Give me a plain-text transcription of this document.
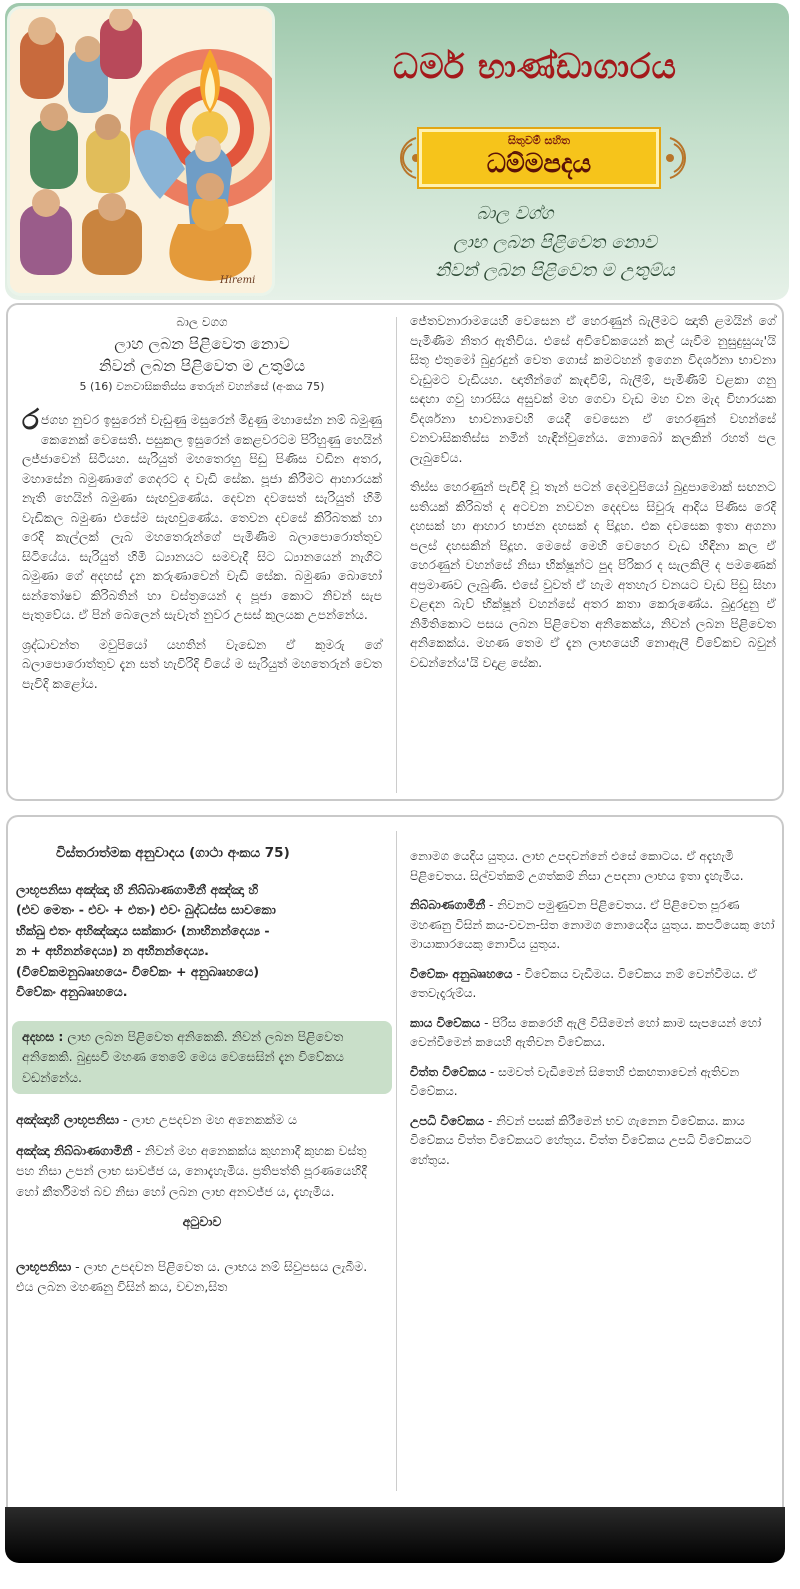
Hiremi
ධර්ම භාණ්ඩාගාරය
සිතුවම් සහිත
ධම්මපදය
බාල වග්ග
ලාභ ලබන පිළිවෙත නොව
නිවන් ලබන පිළිවෙත ම උතුම්ය
බාල වගග
ලාහ ලබන පිළිවෙත නොව
නිවන් ලබන පිළිවෙත ම උතුම්ය
5 (16) වනවාසිකතිස්ස තෙරුන් වහන්සේ (අංකය 75)
රජගහ නුවර ඉසුරෙන් වැඩුණු මසුරෙන් මිදුණු මහාසේන නම් බමුණු කෙනෙක් වෙසෙති. පසුකල ඉසුරෙන් කෙළවරටම පිරිහුණු හෙයින් ලජ්ජාවෙන් සිටියහ. සැරියුත් මහතෙරහු පිඩු පිණිස වඩින අතර, මහාසේන බමුණාගේ ගෙදරට ද වැඩි සේක. පූජා කිරීමට ආහාරයක් නැති හෙයින් බමුණා සැඟවුණේය. දෙවන දවසෙත් සැරියුත් හිමි වැඩිකල බමුණා එසේම සැඟවුණේය. තෙවන දවසේ කිරිබතක් හා රෙදි කැල්ලක් ලැබ මහතෙරුන්ගේ පැමිණීම බලාපොරොත්තුව සිටියේය. සැරියුත් හිමි ධ්‍යානයට සමවැදී සිට ධ්‍යානයෙන් නැගිට බමුණා ගේ අදහස් දැන කරුණාවෙන් වැඩි සේක. බමුණා බොහෝ සන්තෝෂව කිරිබතින් හා වස්ත්‍රයෙන් ද පූජා කොට නිවන් සැප පැතුවේය. ඒ පින් බෙලෙන් සැවැත් නුවර උසස් කුලයක උපන්නේය.
ශ්‍රද්ධාවන්ත මවුපියෝ යහතින් වැඩෙන ඒ කුමරු ගේ බලාපොරොත්තුව දැන සත් හැවිරිදි වියේ ම සැරියුත් මහතෙරුන් වෙත පැවිදි කළෝය.
ජේතවනාරාමයෙහි වෙසෙන ඒ හෙරණුන් බැලීමට ඤාති ළමයින් ගේ පැමිණීම නිතර ඇතිවිය. එසේ අවිවේකයෙන් කල් යැවීම නුසුදුසුයැ'යි සිතූ එතුමෝ බුදුරදුන් වෙත ගොස් කමටහන් ඉගෙන විදර්ශනා භාවනා වැඩුමට වැඩියහ. ඥාතීන්ගේ කැඳවීම්, බැලීම්, පැමිණීම් වළකා ගනු සඳහා ගවු හාරසිය අසුවක් මහ ගෙවා වැඩ මහ වන මැද විහාරයක විදර්ශනා භාවනාවෙහි යෙදී වෙසෙන ඒ හෙරණුන් වහන්සේ වනවාසිකතිස්ස නමින් හැඳින්වුනේය. නොබෝ කලකින් රහත් පල ලැබුවේය.
තිස්ස හෙරණුන් පැවිදි වූ තැන් පටන් දෙමවුපියෝ බුදුපාමොක් සඟනට සතියක් කිරිබත් ද අටවන නවවන දෙදවස සිවුරු ආදිය පිණිස රෙදි දහසක් හා ආහාර භාජන දහසක් ද පිදූහ. එක දවසෙක ඉතා අගනා පලස් දහසකින් පිදූහ. මෙසේ මෙහි වෙහෙර වැඩ හිඳිනා කල ඒ හෙරණුන් වහන්සේ නිසා භික්ෂූන්ට පුද පිරිකර ද සැලකිලි ද පමණෙක් අප්‍රමාණව ලැබුණි. එසේ වුවත් ඒ හැම අතහැර වනයට වැඩ පිඩු සිහා වළඳන බැව් භික්ෂූන් වහන්සේ අතර කතා කෙරුණේය. බුදුරදුනු ඒ නිමිතිකොට පසය ලබන පිළිවෙත අනිකෙක්ය, නිවන් ලබන පිළිවෙත අනිකෙක්ය. මහණ තෙම ඒ දැන ලාභයෙහි නොඇලී විවේකව බවුන් වඩන්නේය'යි වදාළ සේක.
විස්තරාත්මක අනුවාදය (ගාථා අංකය 75)
ලාභූපනිසා අඤ්ඤා හි නිබ්බාණගාමිනී අඤ්ඤා හි
(එව මෙතං - එවං + එතං) එවං බුද්ධස්ස සාවකො
භික්ඛු එතං අභිඤ්ඤාය සක්කාරං (නාභිනන්දෙය්‍ය -
න + අභිනන්දෙය්‍ය) න අභිනන්දෙය්‍ය.
(විවේකමනුබ්‍රූහයෙ- විවේකං + අනුබ්‍රූහයෙ)
විවේකං අනුබ්‍රූහයෙ.
අදහස : ලාභ ලබන පිළිවෙත අනිකෙකි. නිවන් ලබන පිළිවෙත අනිකෙකි. බුදුසවි මහණ තෙමේ මෙය වෙසෙසින් දැන විවේකය වඩන්නේය.
අඤ්ඤාහි ලාභූපනිසා - ලාභ උපදවන මහ අනෙකක්ම ය
අඤ්ඤා නිබ්බාණගාමිනී - නිවන් මහ අනෙකක්ය කුහනාදී කුහක වස්තු පහ නිසා උපන් ලාභ සාවජ්ජ ය, නොදැහැමිය. ප්‍රතිපත්ති පූරණයෙහිදී හෝ කීර්තිමත් බව නිසා හෝ ලබන ලාභ අනවජ්ජ ය, දැහැමිය.
අටුවාව
ලාභූපනිසා - ලාභ උපදවන පිළිවෙත ය. ලාභය නම් සිවුපසය ලැබීම. එය ලබන මහණනු විසින් කය, වචන,සිත
නොමග යෙදිය යුතුය. ලාභ උපදවන්නේ එසේ කොටය. ඒ අදැහැමි පිළිවෙතය. සිල්වත්කම් උගත්කම් නිසා උපදනා ලාභය ඉතා දැහැමිය.
නිබ්බාණගාමිනී - නිවනට පමුණුවන පිළිවෙතය. ඒ පිළිවෙත පූරණ මහණනු විසින් කය-වචන-සිත නොමග නොයෙදිය යුතුය. කපටියෙකු හෝ මායාකාරයෙකු නොවිය යුතුය.
විවේකං අනුබ්‍රූහයෙ - විවේකය වැඩීමය. විවේකය නම් වෙන්වීමය. ඒ තෙවැදෑරුම්ය.
කාය විවේකය - පිරිස කෙරෙහි ඇලී විසීමෙන් හෝ කාම සැපයෙන් හෝ වෙන්වීමෙන් කයෙහි ඇතිවන විවේකය.
චිත්ත විවේකය - සමවත් වැඩීමෙන් සිතෙහි එකඟතාවෙන් ඇතිවන විවේකය.
උපධි විවේකය - නිවන් පසක් කිරීමෙන් භව ගැනෙන විවේකය. කාය විවේකය චිත්ත විවේකයට හේතුය. චිත්ත විවේකය උපධි විවේකයට හේතුය.
